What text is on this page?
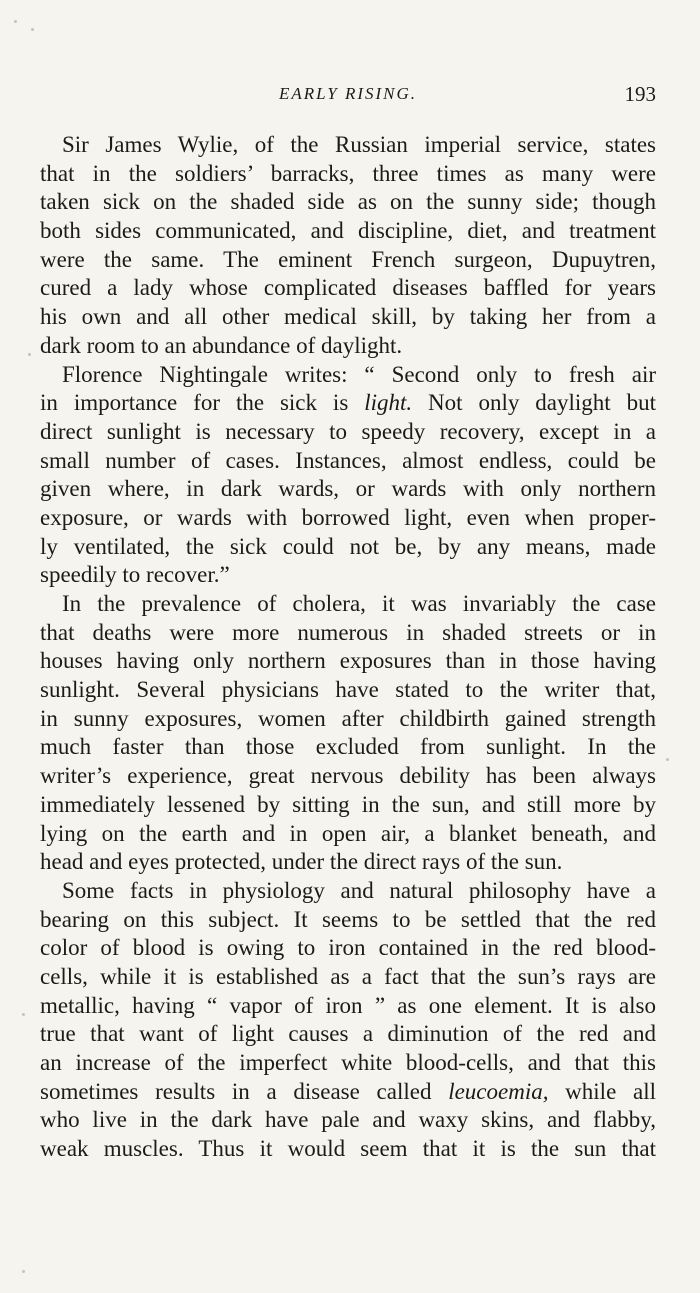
EARLY RISING.	193
Sir James Wylie, of the Russian imperial service, states
that in the soldiers’ barracks, three times as many were
taken sick on the shaded side as on the sunny side; though
both sides communicated, and discipline, diet, and treatment
were the same. The eminent French surgeon, Dupuytren,
cured a lady whose complicated diseases baffled for years
his own and all other medical skill, by taking her from a
dark room to an abundance of daylight.
Florence Nightingale writes: “ Second only to fresh air
in importance for the sick is light. Not only daylight but
direct sunlight is necessary to speedy recovery, except in a
small number of cases. Instances, almost endless, could be
given where, in dark wards, or wards with only northern
exposure, or wards with borrowed light, even when proper-
ly ventilated, the sick could not be, by any means, made
speedily to recover.”
In the prevalence of cholera, it was invariably the case
that deaths were more numerous in shaded streets or in
houses having only northern exposures than in those having
sunlight. Several physicians have stated to the writer that,
in sunny exposures, women after childbirth gained strength
much faster than those excluded from sunlight. In the
writer’s experience, great nervous debility has been always
immediately lessened by sitting in the sun, and still more by
lying on the earth and in open air, a blanket beneath, and
head and eyes protected, under the direct rays of the sun.
Some facts in physiology and natural philosophy have a
bearing on this subject. It seems to be settled that the red
color of blood is owing to iron contained in the red blood-
cells, while it is established as a fact that the sun’s rays are
metallic, having “ vapor of iron ” as one element. It is also
true that want of light causes a diminution of the red and
an increase of the imperfect white blood-cells, and that this
sometimes results in a disease called leucoemia, while all
who live in the dark have pale and waxy skins, and flabby,
weak muscles. Thus it would seem that it is the sun that
